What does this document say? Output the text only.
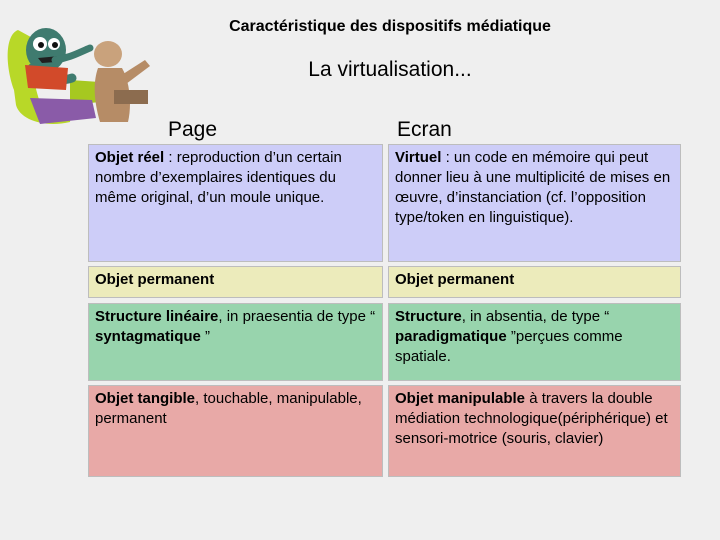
Caractéristique des dispositifs médiatique
La virtualisation...
Page	Ecran
Objet réel : reproduction d’un certain nombre d’exemplaires identiques du même original, d’un moule unique.
Virtuel : un code en mémoire qui peut donner lieu à une multiplicité de mises en œuvre, d’instanciation (cf. l’opposition type/token en linguistique).
Objet permanent	Objet permanent
Structure linéaire, in praesentia de type “ syntagmatique ”
Structure, in absentia, de type “ paradigmatique ”perçues comme spatiale.
Objet tangible, touchable, manipulable, permanent
Objet manipulable à travers la double médiation technologique(périphérique) et sensori-motrice (souris, clavier)
